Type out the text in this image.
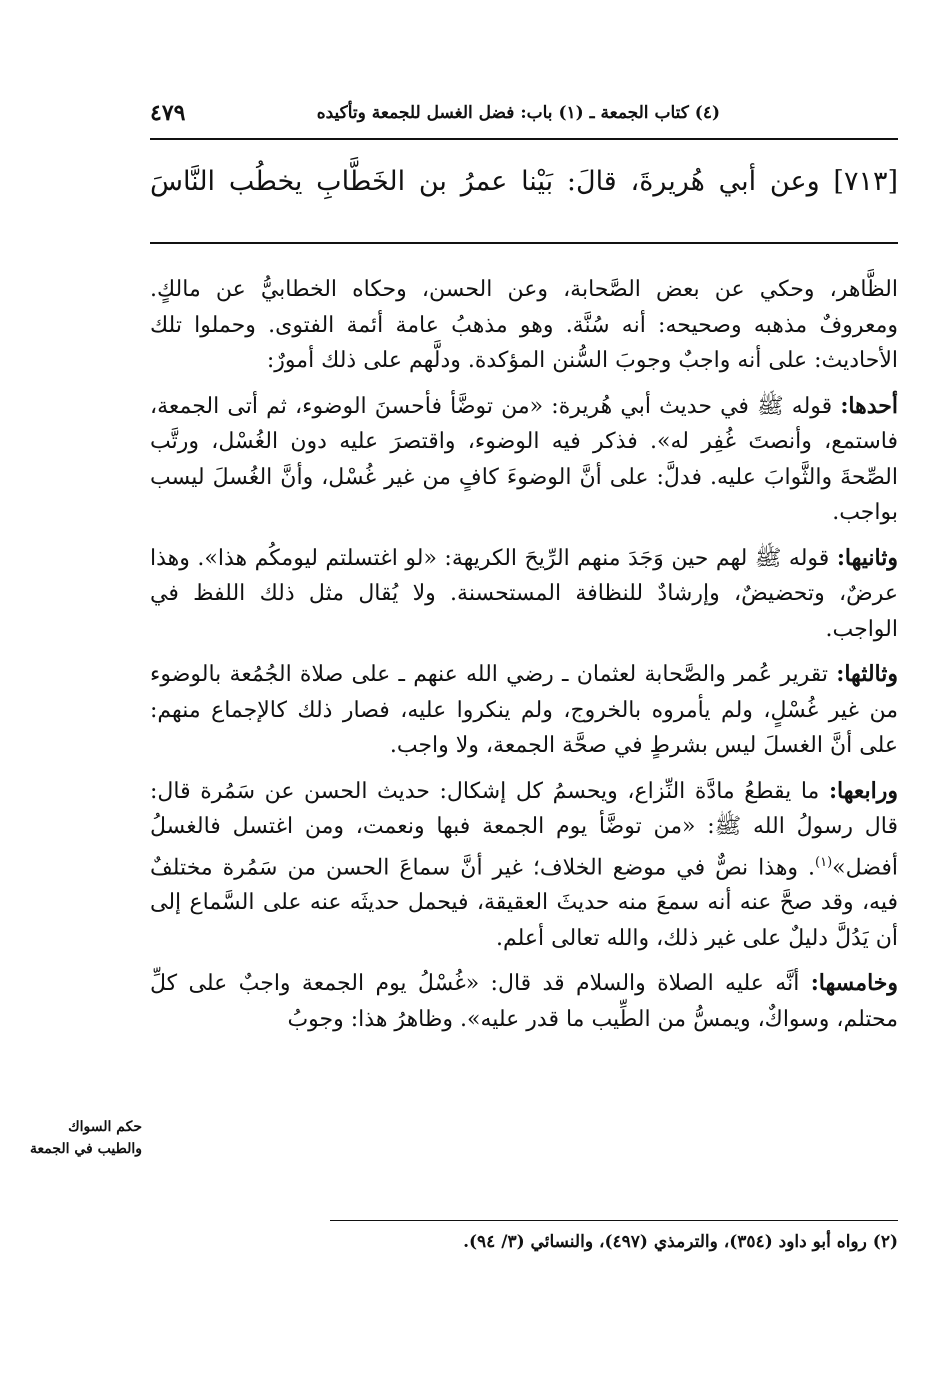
(٤) كتاب الجمعة ـ (١) باب: فضل الغسل للجمعة وتأكيده
٤٧٩
[٧١٣] وعن أبي هُريرةَ، قالَ: بَيْنا عمرُ بن الخَطَّابِ يخطُب النَّاسَ

الظَّاهر، وحكي عن بعض الصَّحابة، وعن الحسن، وحكاه الخطابيُّ عن مالكٍ. ومعروفٌ مذهبه وصحيحه: أنه سُنَّة. وهو مذهبُ عامة أئمة الفتوى. وحملوا تلك الأحاديث: على أنه واجبٌ وجوبَ السُّنن المؤكدة. ودلَّهم على ذلك أمورٌ:

أحدها: قوله ﷺ في حديث أبي هُريرة: «من توضَّأ فأحسنَ الوضوء، ثم أتى الجمعة، فاستمع، وأنصتَ غُفِر له». فذكر فيه الوضوء، واقتصرَ عليه دون الغُسْل، ورتَّب الصِّحةَ والثَّوابَ عليه. فدلَّ: على أنَّ الوضوءَ كافٍ من غير غُسْل، وأنَّ الغُسلَ ليسب بواجب.

وثانيها: قوله ﷺ لهم حين وَجَدَ منهم الرِّيحَ الكريهة: «لو اغتسلتم ليومكُم هذا». وهذا عرضٌ، وتحضيضٌ، وإرشادٌ للنظافة المستحسنة. ولا يُقال مثل ذلك اللفظ في الواجب.

وثالثها: تقرير عُمر والصَّحابة لعثمان ـ رضي الله عنهم ـ على صلاة الجُمُعة بالوضوء من غير غُسْلٍ، ولم يأمروه بالخروج، ولم ينكروا عليه، فصار ذلك كالإجماع منهم: على أنَّ الغسلَ ليس بشرطٍ في صحَّة الجمعة، ولا واجب.

ورابعها: ما يقطعُ مادَّة النِّزاع، ويحسمُ كل إشكال: حديث الحسن عن سَمُرة قال: قال رسولُ الله ﷺ: «من توضَّأ يوم الجمعة فبها ونعمت، ومن اغتسل فالغسلُ أفضل»$^{(١)}$. وهذا نصٌّ في موضع الخلاف؛ غير أنَّ سماعَ الحسن من سَمُرة مختلفٌ فيه، وقد صحَّ عنه أنه سمعَ منه حديثَ العقيقة، فيحمل حديثَه عنه على السَّماع إلى أن يَدُلَّ دليلٌ على غير ذلك، والله تعالى أعلم.

وخامسها: أنَّه عليه الصلاة والسلام قد قال: «غُسْلُ يوم الجمعة واجبٌ على كلِّ محتلم، وسواكٌ، ويمسُّ من الطِّيب ما قدر عليه». وظاهرُ هذا: وجوبُ

حكم السواك والطيب في الجمعة
(٢) رواه أبو داود (٣٥٤)، والترمذي (٤٩٧)، والنسائي (٣/ ٩٤).
